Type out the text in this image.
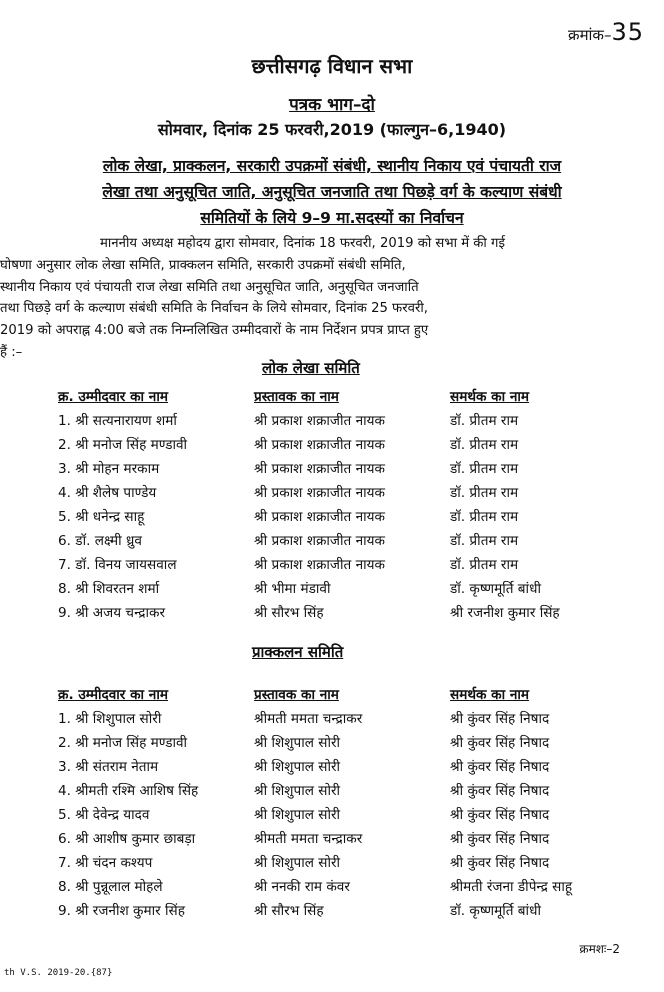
क्रमांक–35
छत्तीसगढ़ विधान सभा
पत्रक भाग–दो
सोमवार, दिनांक 25 फरवरी,2019 (फाल्गुन–6,1940)
लोक लेखा, प्राक्कलन, सरकारी उपक्रमों संबंधी, स्थानीय निकाय एवं पंचायती राज
लेखा तथा अनुसूचित जाति, अनुसूचित जनजाति तथा पिछड़े वर्ग के कल्याण संबंधी
समितियों के लिये 9–9 मा.सदस्यों का निर्वाचन
माननीय अध्यक्ष महोदय द्वारा सोमवार, दिनांक 18 फरवरी, 2019 को सभा में की गई
घोषणा अनुसार लोक लेखा समिति, प्राक्कलन समिति, सरकारी उपक्रमों संबंधी समिति,
स्थानीय निकाय एवं पंचायती राज लेखा समिति तथा अनुसूचित जाति, अनुसूचित जनजाति
तथा पिछड़े वर्ग के कल्याण संबंधी समिति के निर्वाचन के लिये सोमवार, दिनांक 25 फरवरी,
2019 को अपराह्न 4:00 बजे तक निम्नलिखित उम्मीदवारों के नाम निर्देशन प्रपत्र प्राप्त हुए
हैं :–
लोक लेखा समिति
क्र. उम्मीदवार का नाम	प्रस्तावक का नाम	समर्थक का नाम
1. श्री सत्यनारायण शर्मा	श्री प्रकाश शक्राजीत नायक	डॉ. प्रीतम राम
2. श्री मनोज सिंह मण्डावी	श्री प्रकाश शक्राजीत नायक	डॉ. प्रीतम राम
3. श्री मोहन मरकाम	श्री प्रकाश शक्राजीत नायक	डॉ. प्रीतम राम
4. श्री शैलेष पाण्डेय	श्री प्रकाश शक्राजीत नायक	डॉ. प्रीतम राम
5. श्री धनेन्द्र साहू	श्री प्रकाश शक्राजीत नायक	डॉ. प्रीतम राम
6. डॉ. लक्ष्मी ध्रुव	श्री प्रकाश शक्राजीत नायक	डॉ. प्रीतम राम
7. डॉ. विनय जायसवाल	श्री प्रकाश शक्राजीत नायक	डॉ. प्रीतम राम
8. श्री शिवरतन शर्मा	श्री भीमा मंडावी	डॉ. कृष्णमूर्ति बांधी
9. श्री अजय चन्द्राकर	श्री सौरभ सिंह	श्री रजनीश कुमार सिंह
प्राक्कलन समिति
क्र. उम्मीदवार का नाम	प्रस्तावक का नाम	समर्थक का नाम
1. श्री शिशुपाल सोरी	श्रीमती ममता चन्द्राकर	श्री कुंवर सिंह निषाद
2. श्री मनोज सिंह मण्डावी	श्री शिशुपाल सोरी	श्री कुंवर सिंह निषाद
3. श्री संतराम नेताम	श्री शिशुपाल सोरी	श्री कुंवर सिंह निषाद
4. श्रीमती रश्मि आशिष सिंह	श्री शिशुपाल सोरी	श्री कुंवर सिंह निषाद
5. श्री देवेन्द्र यादव	श्री शिशुपाल सोरी	श्री कुंवर सिंह निषाद
6. श्री आशीष कुमार छाबड़ा	श्रीमती ममता चन्द्राकर	श्री कुंवर सिंह निषाद
7. श्री चंदन कश्यप	श्री शिशुपाल सोरी	श्री कुंवर सिंह निषाद
8. श्री पुन्नूलाल मोहले	श्री ननकी राम कंवर	श्रीमती रंजना डीपेन्द्र साहू
9. श्री रजनीश कुमार सिंह	श्री सौरभ सिंह	डॉ. कृष्णमूर्ति बांधी
क्रमशः–2
th V.S. 2019-20.{87}
